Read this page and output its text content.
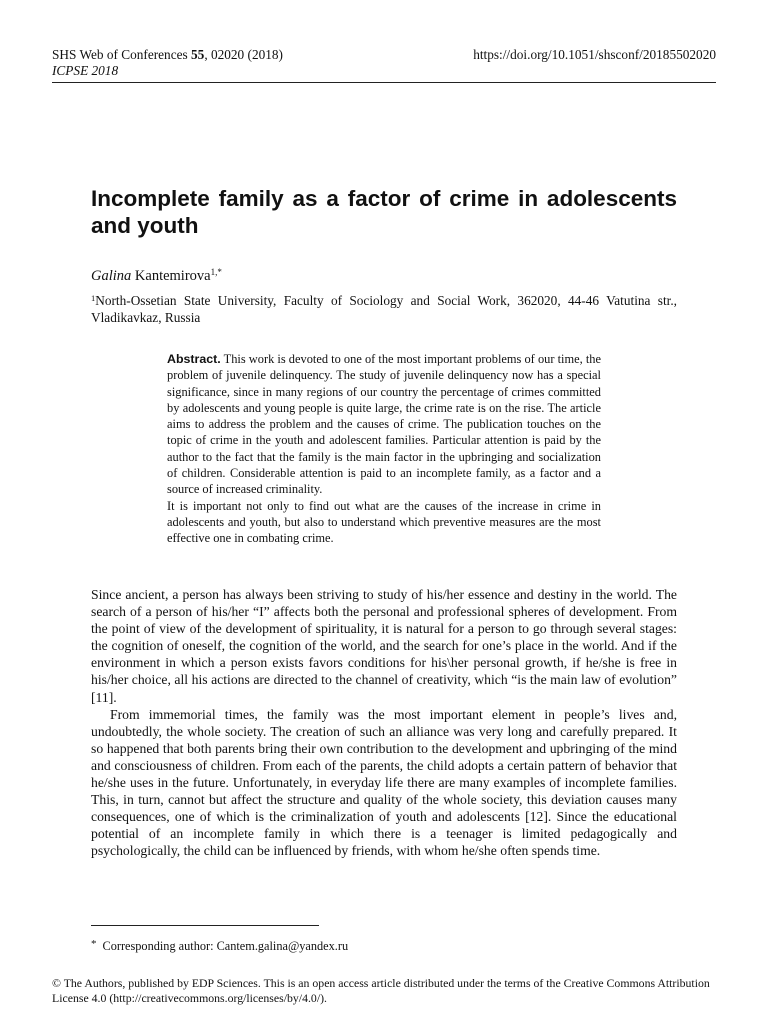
SHS Web of Conferences 55, 02020 (2018)
ICPSE 2018
https://doi.org/10.1051/shsconf/20185502020
Incomplete family as a factor of crime in adolescents and youth
Galina Kantemirova$^{1,*}$
$^1$North-Ossetian State University, Faculty of Sociology and Social Work, 362020, 44-46 Vatutina str., Vladikavkaz, Russia

Abstract. This work is devoted to one of the most important problems of our time, the problem of juvenile delinquency. The study of juvenile delinquency now has a special significance, since in many regions of our country the percentage of crimes committed by adolescents and young people is quite large, the crime rate is on the rise. The article aims to address the problem and the causes of crime. The publication touches on the topic of crime in the youth and adolescent families. Particular attention is paid by the author to the fact that the family is the main factor in the upbringing and socialization of children. Considerable attention is paid to an incomplete family, as a factor and a source of increased criminality.

It is important not only to find out what are the causes of the increase in crime in adolescents and youth, but also to understand which preventive measures are the most effective one in combating crime.

Since ancient, a person has always been striving to study of his/her essence and destiny in the world. The search of a person of his/her “I” affects both the personal and professional spheres of development. From the point of view of the development of spirituality, it is natural for a person to go through several stages: the cognition of oneself, the cognition of the world, and the search for one’s place in the world. And if the environment in which a person exists favors conditions for his\her personal growth, if he/she is free in his/her choice, all his actions are directed to the channel of creativity, which “is the main law of evolution” [11].

From immemorial times, the family was the most important element in people’s lives and, undoubtedly, the whole society. The creation of such an alliance was very long and carefully prepared. It so happened that both parents bring their own contribution to the development and upbringing of the mind and consciousness of children. From each of the parents, the child adopts a certain pattern of behavior that he/she uses in the future. Unfortunately, in everyday life there are many examples of incomplete families. This, in turn, cannot but affect the structure and quality of the whole society, this deviation causes many consequences, one of which is the criminalization of youth and adolescents [12]. Since the educational potential of an incomplete family in which there is a teenager is limited pedagogically and psychologically, the child can be influenced by friends, with whom he/she often spends time.

* Corresponding author: Cantem.galina@yandex.ru
© The Authors, published by EDP Sciences. This is an open access article distributed under the terms of the Creative Commons Attribution License 4.0 (http://creativecommons.org/licenses/by/4.0/).
